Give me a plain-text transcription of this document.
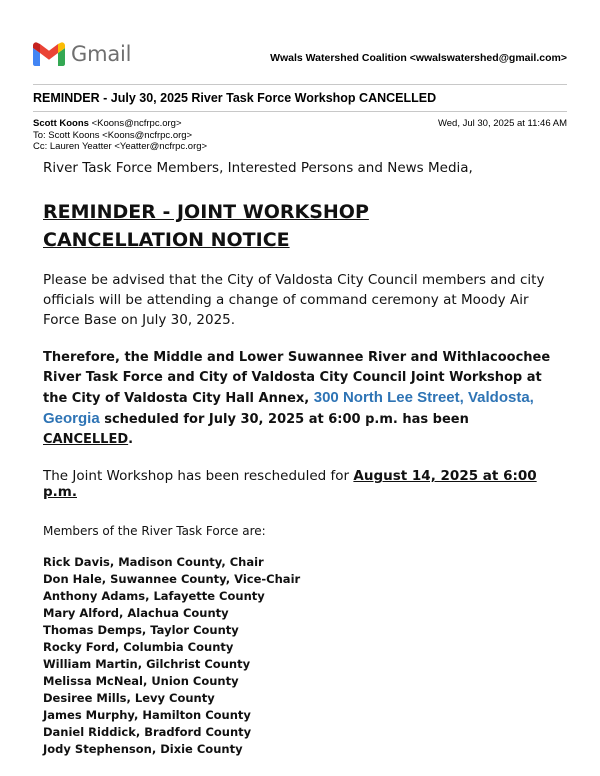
Gmail	Wwals Watershed Coalition <wwalswatershed@gmail.com>
REMINDER - July 30, 2025 River Task Force Workshop CANCELLED
Scott Koons <Koons@ncfrpc.org>
To: Scott Koons <Koons@ncfrpc.org>
Cc: Lauren Yeatter <Yeatter@ncfrpc.org>
Wed, Jul 30, 2025 at 11:46 AM

River Task Force Members, Interested Persons and News Media,

REMINDER - JOINT WORKSHOP CANCELLATION NOTICE

Please be advised that the City of Valdosta City Council members and city officials will be attending a change of command ceremony at Moody Air Force Base on July 30, 2025.

Therefore, the Middle and Lower Suwannee River and Withlacoochee River Task Force and City of Valdosta City Council Joint Workshop at the City of Valdosta City Hall Annex, 300 North Lee Street, Valdosta, Georgia scheduled for July 30, 2025 at 6:00 p.m. has been CANCELLED.

The Joint Workshop has been rescheduled for August 14, 2025 at 6:00 p.m.

Members of the River Task Force are:

Rick Davis, Madison County, Chair
Don Hale, Suwannee County, Vice-Chair
Anthony Adams, Lafayette County
Mary Alford, Alachua County
Thomas Demps, Taylor County
Rocky Ford, Columbia County
William Martin, Gilchrist County
Melissa McNeal, Union County
Desiree Mills, Levy County
James Murphy, Hamilton County
Daniel Riddick, Bradford County
Jody Stephenson, Dixie County
